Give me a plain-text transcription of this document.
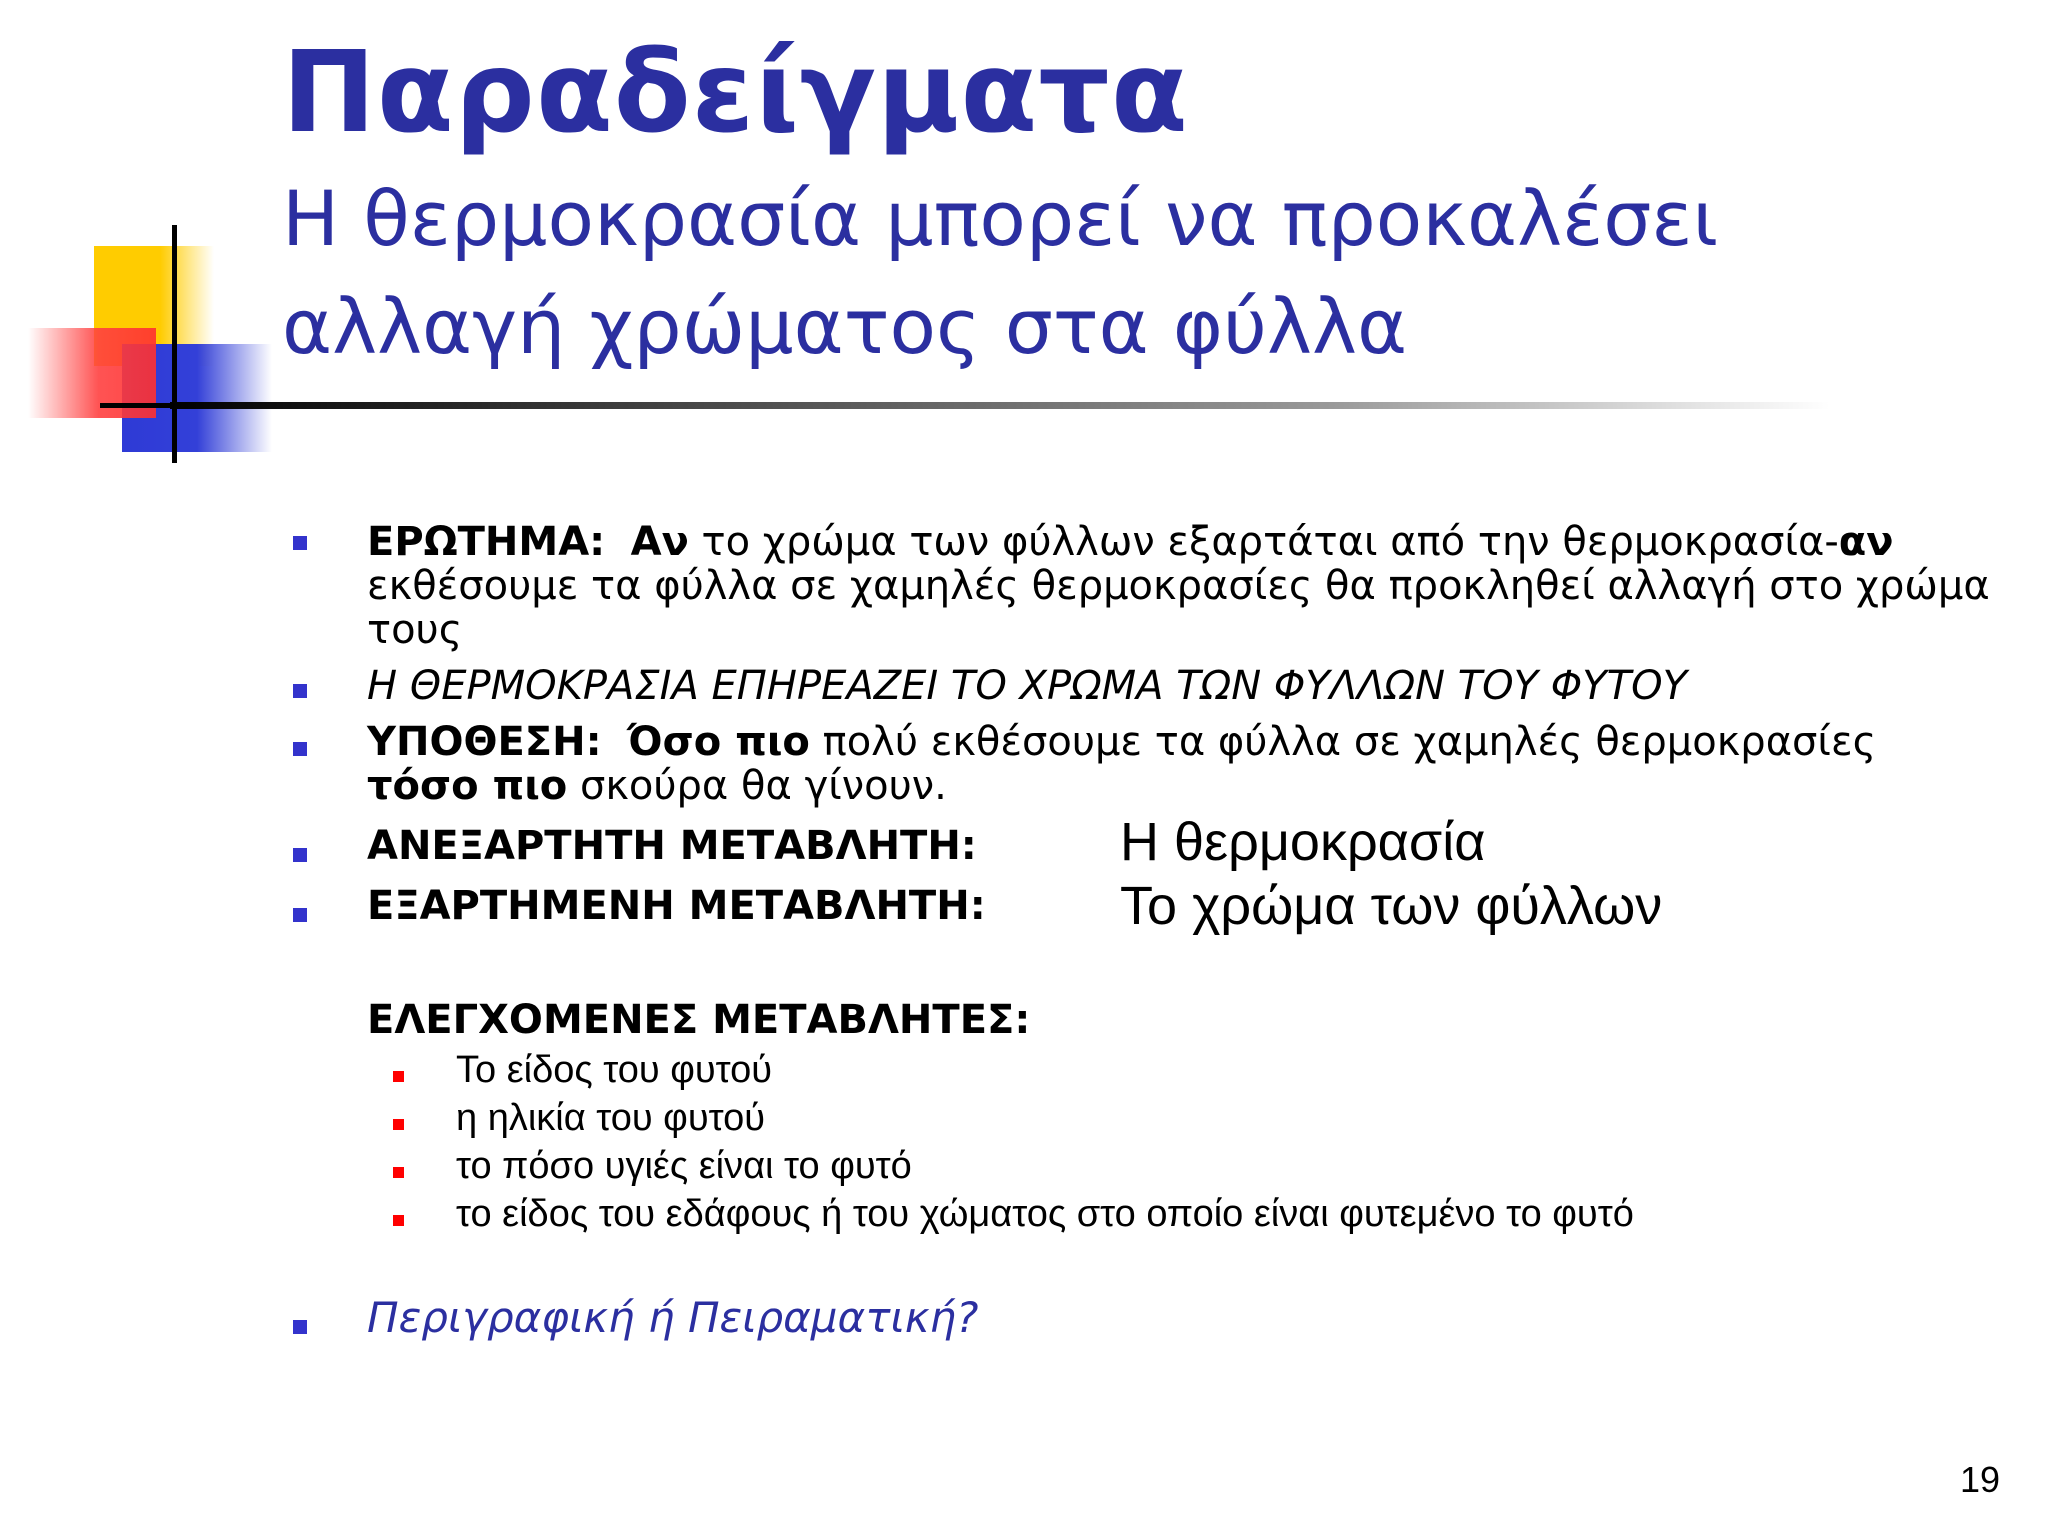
Παραδείγματα
Η θερμοκρασία μπορεί να προκαλέσει
αλλαγή χρώματος στα φύλλα
ΕΡΩΤΗΜΑ: Αν το χρώμα των φύλλων εξαρτάται από την θερμοκρασία-αν
εκθέσουμε τα φύλλα σε χαμηλές θερμοκρασίες θα προκληθεί αλλαγή στο χρώμα
τους
Η ΘΕΡΜΟΚΡΑΣΙΑ ΕΠΗΡΕΑΖΕΙ ΤΟ ΧΡΩΜΑ ΤΩΝ ΦΥΛΛΩΝ ΤΟΥ ΦΥΤΟΥ
ΥΠΟΘΕΣΗ: Όσο πιο πολύ εκθέσουμε τα φύλλα σε χαμηλές θερμοκρασίες
τόσο πιο σκούρα θα γίνουν.
ΑΝΕΞΑΡΤΗΤΗ ΜΕΤΑΒΛΗΤΗ:	Η θερμοκρασία
ΕΞΑΡΤΗΜΕΝΗ ΜΕΤΑΒΛΗΤΗ: Το χρώμα των φύλλων
ΕΛΕΓΧΟΜΕΝΕΣ ΜΕΤΑΒΛΗΤΕΣ:
Το είδος του φυτού
η ηλικία του φυτού
το πόσο υγιές είναι το φυτό
το είδος του εδάφους ή του χώματος στο οποίο είναι φυτεμένο το φυτό
Περιγραφική ή Πειραματική?
19
